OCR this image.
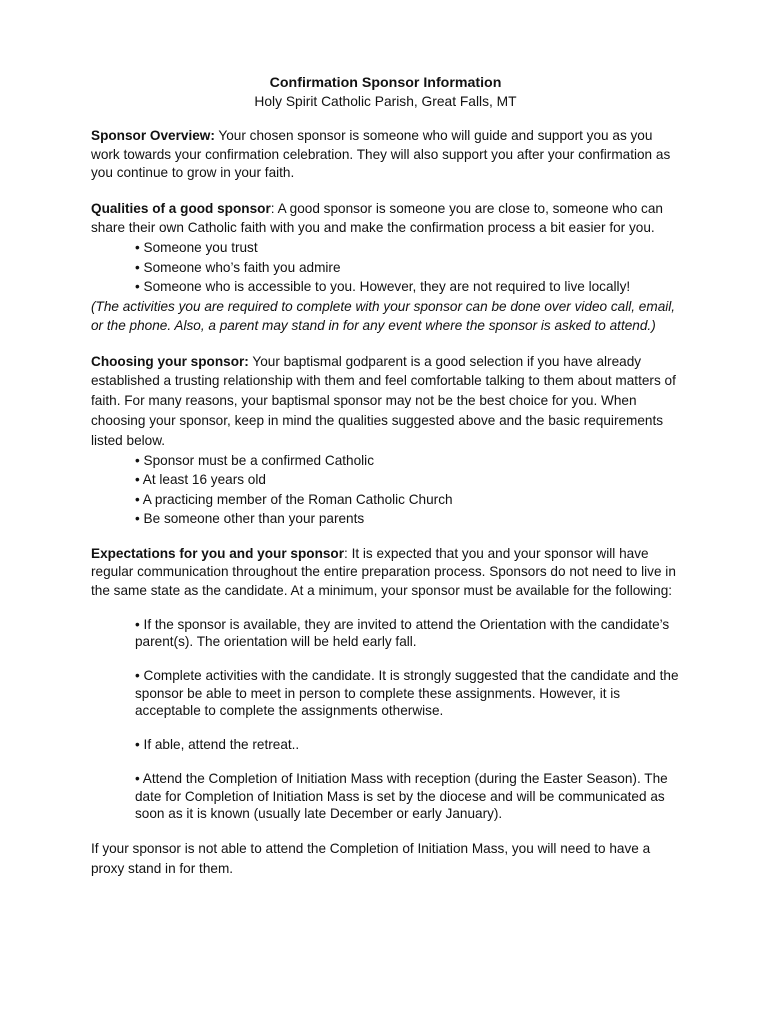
Confirmation Sponsor Information
Holy Spirit Catholic Parish, Great Falls, MT

Sponsor Overview: Your chosen sponsor is someone who will guide and support you as you work towards your confirmation celebration. They will also support you after your confirmation as you continue to grow in your faith.

Qualities of a good sponsor: A good sponsor is someone you are close to, someone who can share their own Catholic faith with you and make the confirmation process a bit easier for you.

• Someone you trust
• Someone who’s faith you admire
• Someone who is accessible to you. However, they are not required to live locally!

(The activities you are required to complete with your sponsor can be done over video call, email, or the phone. Also, a parent may stand in for any event where the sponsor is asked to attend.)

Choosing your sponsor: Your baptismal godparent is a good selection if you have already established a trusting relationship with them and feel comfortable talking to them about matters of faith. For many reasons, your baptismal sponsor may not be the best choice for you. When choosing your sponsor, keep in mind the qualities suggested above and the basic requirements listed below.

• Sponsor must be a confirmed Catholic
• At least 16 years old
• A practicing member of the Roman Catholic Church
• Be someone other than your parents

Expectations for you and your sponsor: It is expected that you and your sponsor will have regular communication throughout the entire preparation process. Sponsors do not need to live in the same state as the candidate. At a minimum, your sponsor must be available for the following:

• If the sponsor is available, they are invited to attend the Orientation with the candidate’s parent(s). The orientation will be held early fall.

• Complete activities with the candidate. It is strongly suggested that the candidate and the sponsor be able to meet in person to complete these assignments. However, it is acceptable to complete the assignments otherwise.

• If able, attend the retreat..

• Attend the Completion of Initiation Mass with reception (during the Easter Season). The date for Completion of Initiation Mass is set by the diocese and will be communicated as soon as it is known (usually late December or early January).

If your sponsor is not able to attend the Completion of Initiation Mass, you will need to have a proxy stand in for them.
